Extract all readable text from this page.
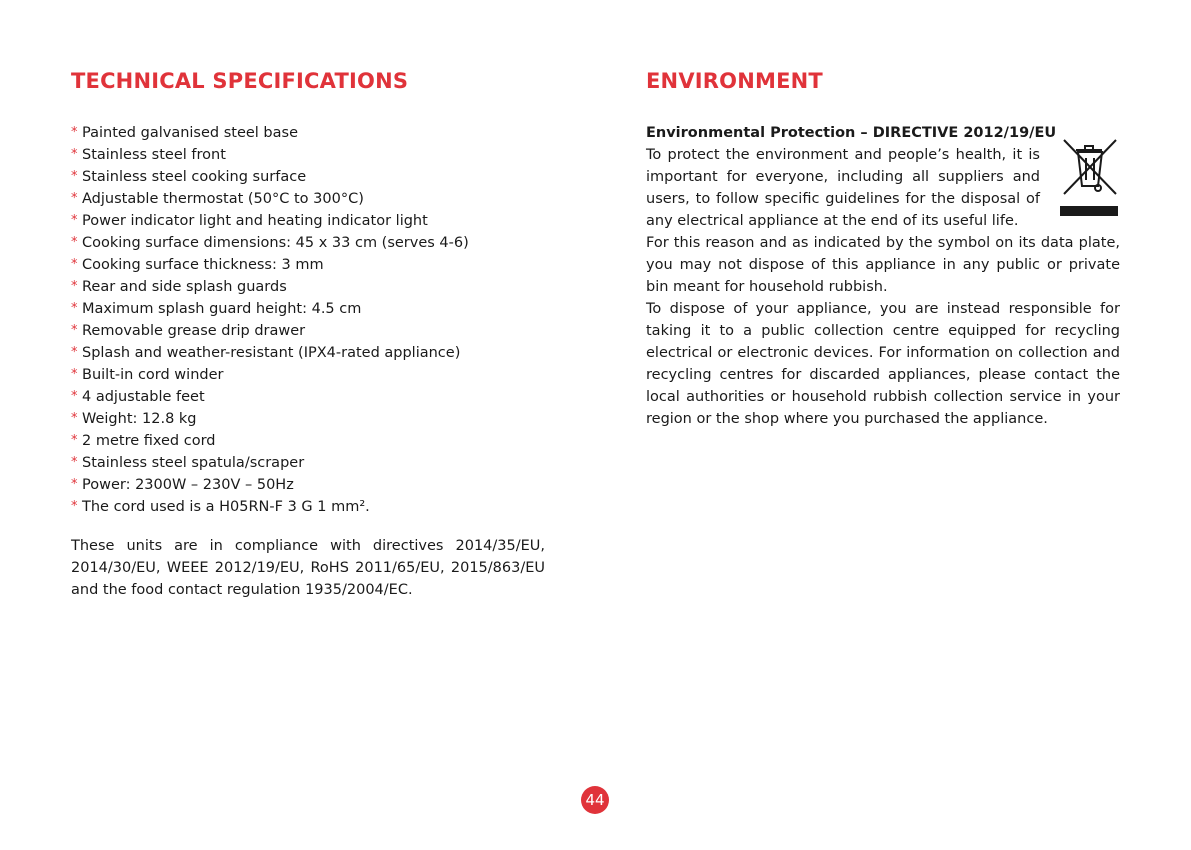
TECHNICAL SPECIFICATIONS
* Painted galvanised steel base
* Stainless steel front
* Stainless steel cooking surface
* Adjustable thermostat (50°C to 300°C)
* Power indicator light and heating indicator light
* Cooking surface dimensions: 45 x 33 cm (serves 4-6)
* Cooking surface thickness: 3 mm
* Rear and side splash guards
* Maximum splash guard height: 4.5 cm
* Removable grease drip drawer
* Splash and weather-resistant (IPX4-rated appliance)
* Built-in cord winder
* 4 adjustable feet
* Weight: 12.8 kg
* 2 metre fixed cord
* Stainless steel spatula/scraper
* Power: 2300W – 230V – 50Hz
* The cord used is a H05RN-F 3 G 1 mm².

These units are in compliance with directives 2014/35/EU, 2014/30/EU, WEEE 2012/19/EU, RoHS 2011/65/EU, 2015/863/EU and the food contact regulation 1935/2004/EC.

ENVIRONMENT

Environmental Protection – DIRECTIVE 2012/19/EU

To protect the environment and people’s health, it is important for everyone, including all suppliers and users, to follow specific guidelines for the disposal of any electrical appliance at the end of its useful life.

For this reason and as indicated by the symbol on its data plate, you may not dispose of this appliance in any public or private bin meant for household rubbish.

To dispose of your appliance, you are instead responsible for taking it to a public collection centre equipped for recycling electrical or electronic devices. For information on collection and recycling centres for discarded appliances, please contact the local authorities or household rubbish collection service in your region or the shop where you purchased the appliance.

44
